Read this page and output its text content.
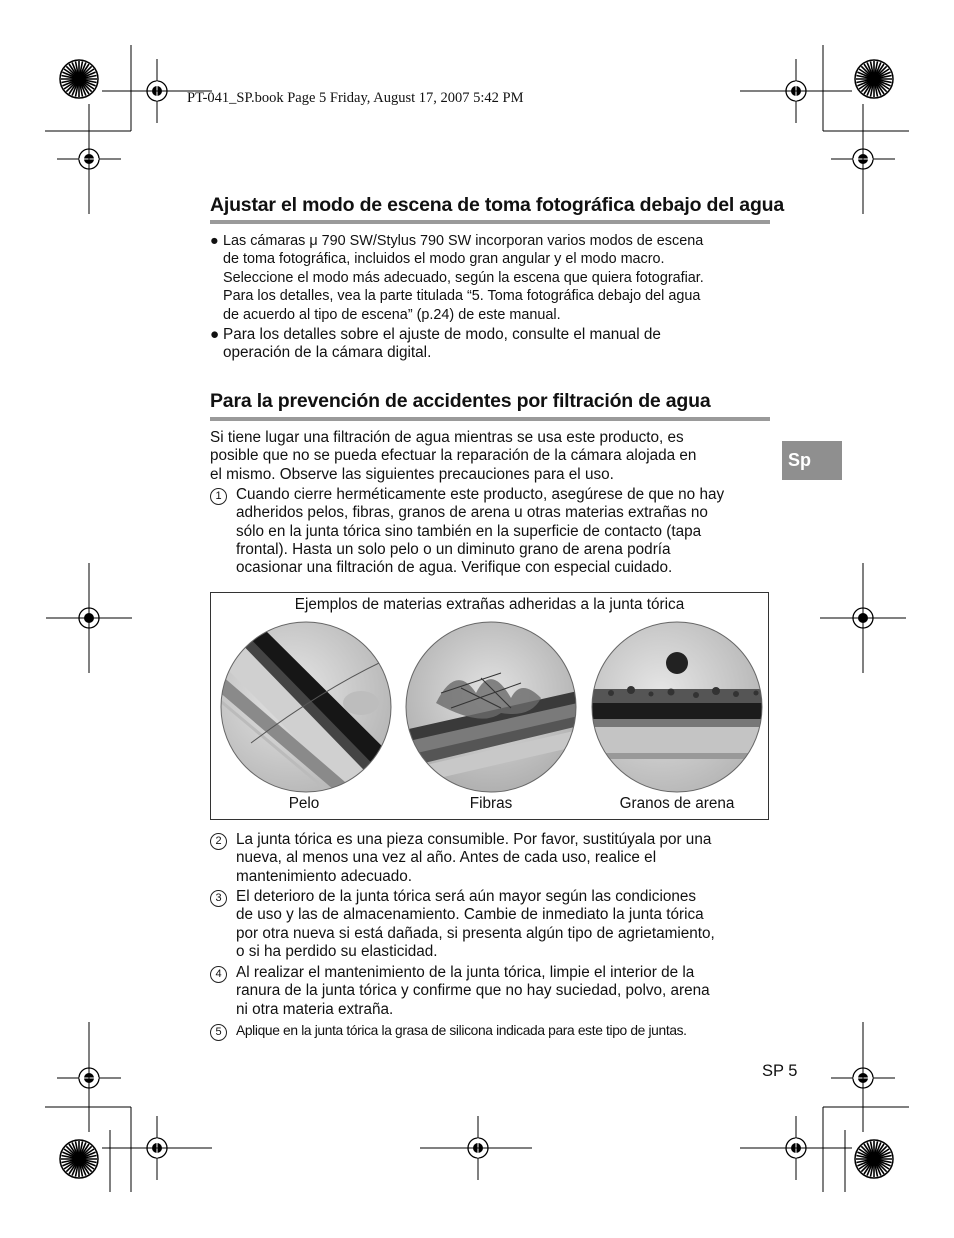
PT-041_SP.book Page 5 Friday, August 17, 2007 5:42 PM
Ajustar el modo de escena de toma fotográfica debajo del agua
● Las cámaras μ 790 SW/Stylus 790 SW incorporan varios modos de escena
de toma fotográfica, incluidos el modo gran angular y el modo macro.
Seleccione el modo más adecuado, según la escena que quiera fotografiar.
Para los detalles, vea la parte titulada “5. Toma fotográfica debajo del agua
de acuerdo al tipo de escena” (p.24) de este manual.
● Para los detalles sobre el ajuste de modo, consulte el manual de
operación de la cámara digital.
Para la prevención de accidentes por filtración de agua
Si tiene lugar una filtración de agua mientras se usa este producto, es
posible que no se pueda efectuar la reparación de la cámara alojada en
el mismo. Observe las siguientes precauciones para el uso.
Sp
1 Cuando cierre herméticamente este producto, asegúrese de que no hay
adheridos pelos, fibras, granos de arena u otras materias extrañas no
sólo en la junta tórica sino también en la superficie de contacto (tapa
frontal). Hasta un solo pelo o un diminuto grano de arena podría
ocasionar una filtración de agua. Verifique con especial cuidado.
Ejemplos de materias extrañas adheridas a la junta tórica
Pelo	Fibras	Granos de arena
2 La junta tórica es una pieza consumible. Por favor, sustitúyala por una
nueva, al menos una vez al año. Antes de cada uso, realice el
mantenimiento adecuado.
3 El deterioro de la junta tórica será aún mayor según las condiciones
de uso y las de almacenamiento. Cambie de inmediato la junta tórica
por otra nueva si está dañada, si presenta algún tipo de agrietamiento,
o si ha perdido su elasticidad.
4 Al realizar el mantenimiento de la junta tórica, limpie el interior de la
ranura de la junta tórica y confirme que no hay suciedad, polvo, arena
ni otra materia extraña.
5	Aplique en la junta tórica la grasa de silicona indicada para este tipo de juntas.
SP 5
